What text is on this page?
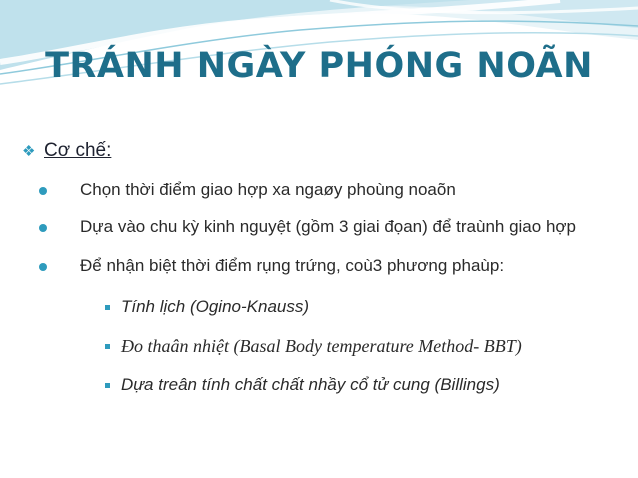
TRÁNH NGÀY PHÓNG NOÃN
❖ Cơ chế:
Chọn thời điểm giao hợp xa ngaøy phoùng noaõn
Dựa vào chu kỳ kinh nguyệt (gồm 3 giai đọan) để traùnh giao hợp
Để nhận biệt thời điểm rụng trứng, coù3 phương phaùp:
Tính lịch (Ogino-Knauss)
Đo thaân nhiệt (Basal Body temperature Method- BBT)
Dựa treân tính chất chất nhầy cổ tử cung (Billings)
